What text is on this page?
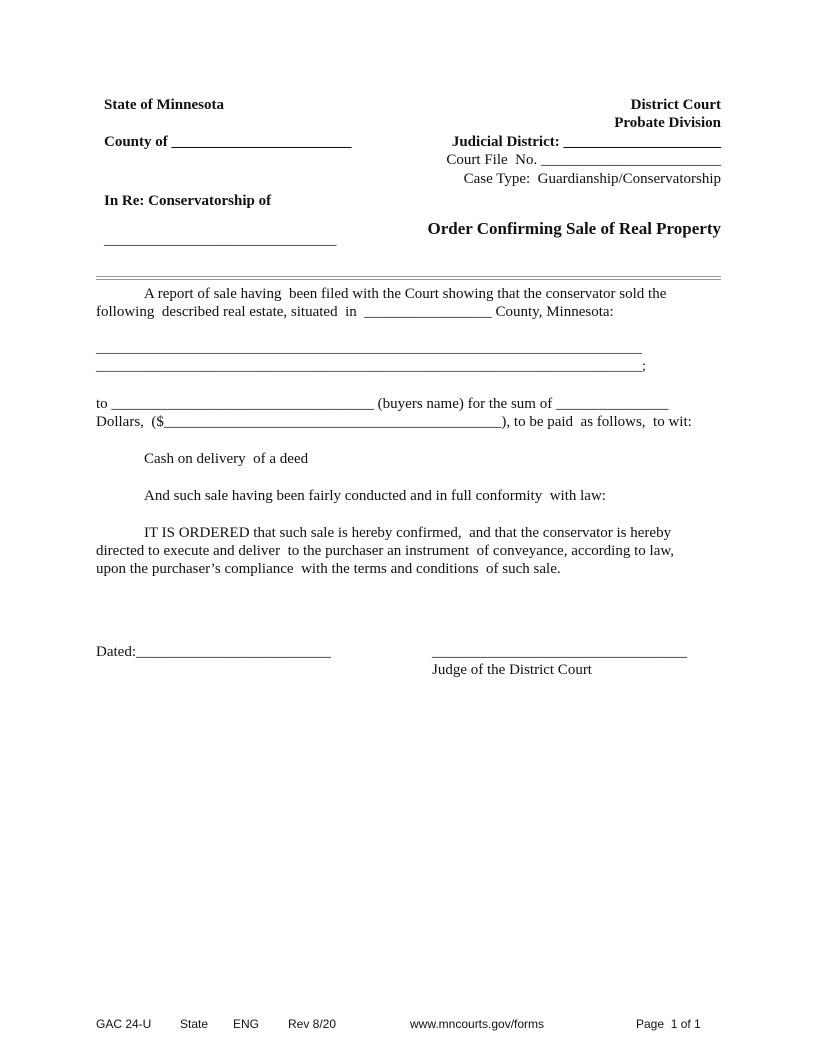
State of Minnesota	District Court
Probate Division
County of ________________________	Judicial District: _____________________
Court File  No. ________________________
Case Type:  Guardianship/Conservatorship
In Re: Conservatorship of
Order Confirming Sale of Real Property
_______________________________
A report of sale having  been filed with the Court showing that the conservator sold the
following  described real estate, situated  in  _________________ County, Minnesota:
______________________________________________________________________________
______________________________________________________________________________;
to ___________________________________ (buyers name) for the sum of _______________
Dollars,  ($_____________________________________________), to be paid  as follows,  to wit:
Cash on delivery  of a deed
And such sale having been fairly conducted and in full conformity  with law:
IT IS ORDERED that such sale is hereby confirmed,  and that the conservator is hereby
directed to execute and deliver  to the purchaser an instrument  of conveyance, according to law,
upon the purchaser’s compliance  with the terms and conditions  of such sale.
Dated:__________________________	__________________________________
Judge of the District Court
GAC 24-U State ENG Rev 8/20	www.mncourts.gov/forms	Page  1 of 1
